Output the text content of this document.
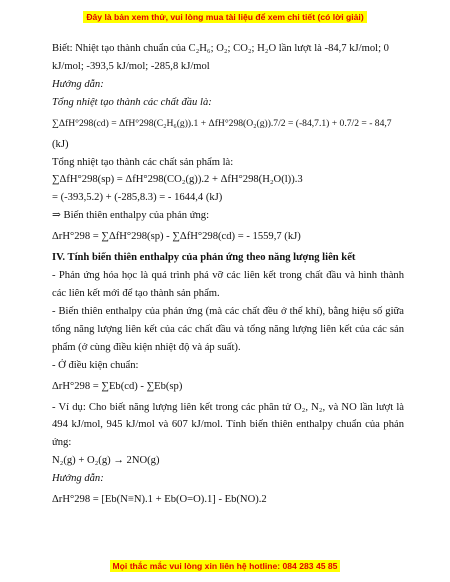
Đây là bản xem thử, vui lòng mua tài liệu để xem chi tiết (có lời giải)
Biết: Nhiệt tạo thành chuẩn của C₂H₆; O₂; CO₂; H₂O lần lượt là -84,7 kJ/mol; 0
kJ/mol; -393,5 kJ/mol; -285,8 kJ/mol
Hướng dẫn:
Tổng nhiệt tạo thành các chất đầu là:
∑ΔfH°298(cd) = ΔfH°298(C₂H₆(g)).1 + ΔfH°298(O₂(g)).7/2 = (-84,7.1) + 0.7/2 = - 84,7
(kJ)
Tổng nhiệt tạo thành các chất sản phẩm là:
∑ΔfH°298(sp) = ΔfH°298(CO₂(g)).2 + ΔfH°298(H₂O(l)).3
= (-393,5.2) + (-285,8.3) = - 1644,4 (kJ)
⇒ Biến thiên enthalpy của phản ứng:
ΔrH°298 = ∑ΔfH°298(sp) - ∑ΔfH°298(cd) = - 1559,7 (kJ)
IV. Tính biến thiên enthalpy của phản ứng theo năng lượng liên kết
- Phản ứng hóa học là quá trình phá vỡ các liên kết trong chất đầu và hình thành các liên kết mới để tạo thành sản phẩm.
- Biến thiên enthalpy của phản ứng (mà các chất đều ở thể khí), bằng hiệu số giữa tổng năng lượng liên kết của các chất đầu và tổng năng lượng liên kết của các sản phẩm (ở cùng điều kiện nhiệt độ và áp suất).
- Ở điều kiện chuẩn:
ΔrH°298 = ∑Eb(cd) - ∑Eb(sp)
- Ví dụ: Cho biết năng lượng liên kết trong các phân tử O₂, N₂, và NO lần lượt là 494 kJ/mol, 945 kJ/mol và 607 kJ/mol. Tính biến thiên enthalpy chuẩn của phản ứng:
N₂(g) + O₂(g) → 2NO(g)
Hướng dẫn:
ΔrH°298 = [Eb(N≡N).1 + Eb(O=O).1] - Eb(NO).2
Mọi thắc mắc vui lòng xin liên hệ hotline: 084 283 45 85
